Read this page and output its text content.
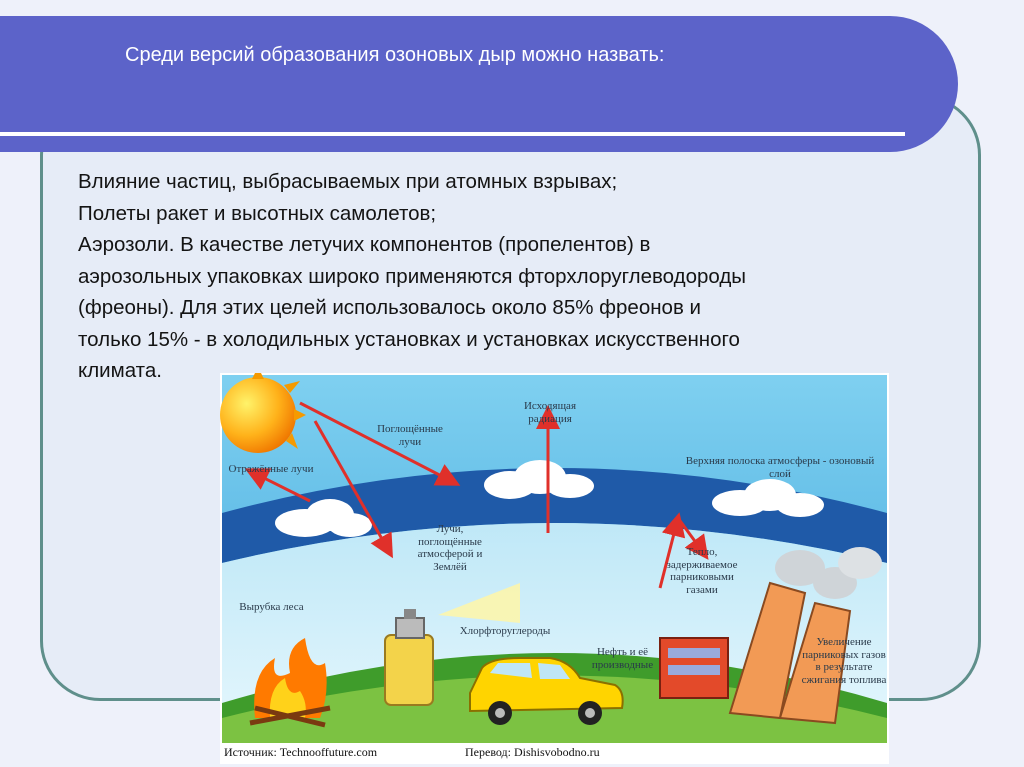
Среди версий образования озоновых дыр можно назвать:
Влияние частиц, выбрасываемых при атомных взрывах;
Полеты ракет и высотных самолетов;
Аэрозоли. В качестве летучих компонентов (пропелентов) в
аэрозольных упаковках широко применяются фторхлоруглеводороды
(фреоны). Для этих целей использовалось около 85% фреонов и
только 15% - в холодильных установках и установках искусственного
климата.
Поглощённые лучи
Отражённые лучи
Исходящая радиация
Верхняя полоска атмосферы - озоновый слой
Лучи, поглощённые атмосферой и Землёй
Тепло, задерживаемое парниковыми газами
Вырубка леса
Хлорфторуглероды
Нефть и её производные
Увеличение парниковых газов в результате сжигания топлива
Источник: Technooffuture.com	Перевод: Dishisvobodno.ru
